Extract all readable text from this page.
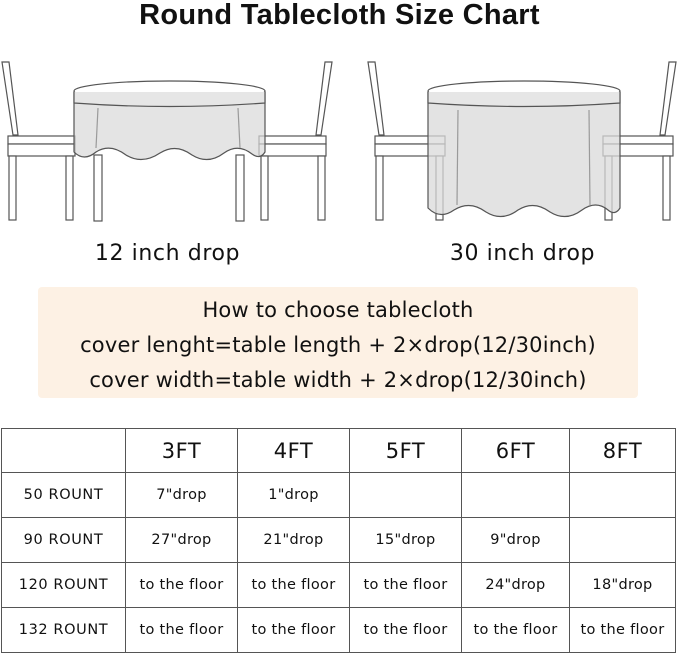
Round Tablecloth Size Chart
12 inch drop	30 inch drop
How to choose tablecloth
cover lenght=table length + 2×drop(12/30inch)
cover width=table width + 2×drop(12/30inch)
	3FT	4FT	5FT	6FT	8FT
50 ROUNT	7"drop	1"drop			
90 ROUNT	27"drop	21"drop	15"drop	9"drop	
120 ROUNT	to the floor	to the floor	to the floor	24"drop	18"drop
132 ROUNT	to the floor	to the floor	to the floor	to the floor	to the floor
